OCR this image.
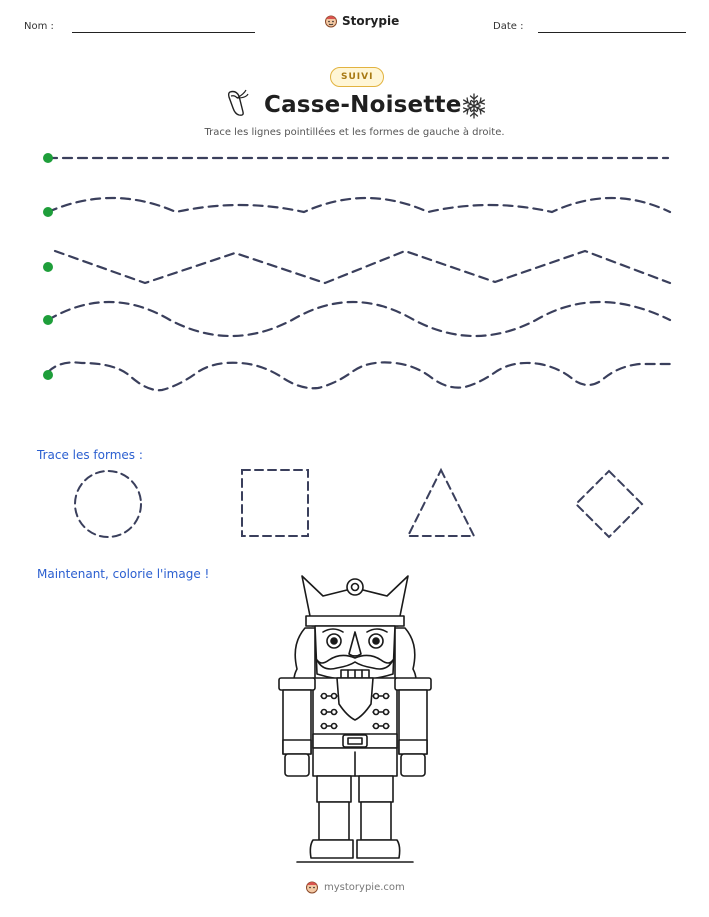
Nom :	Storypie	Date :
SUIVI
Casse-Noisette
Trace les lignes pointillées et les formes de gauche à droite.
Trace les formes :
Maintenant, colorie l'image !
mystorypie.com
